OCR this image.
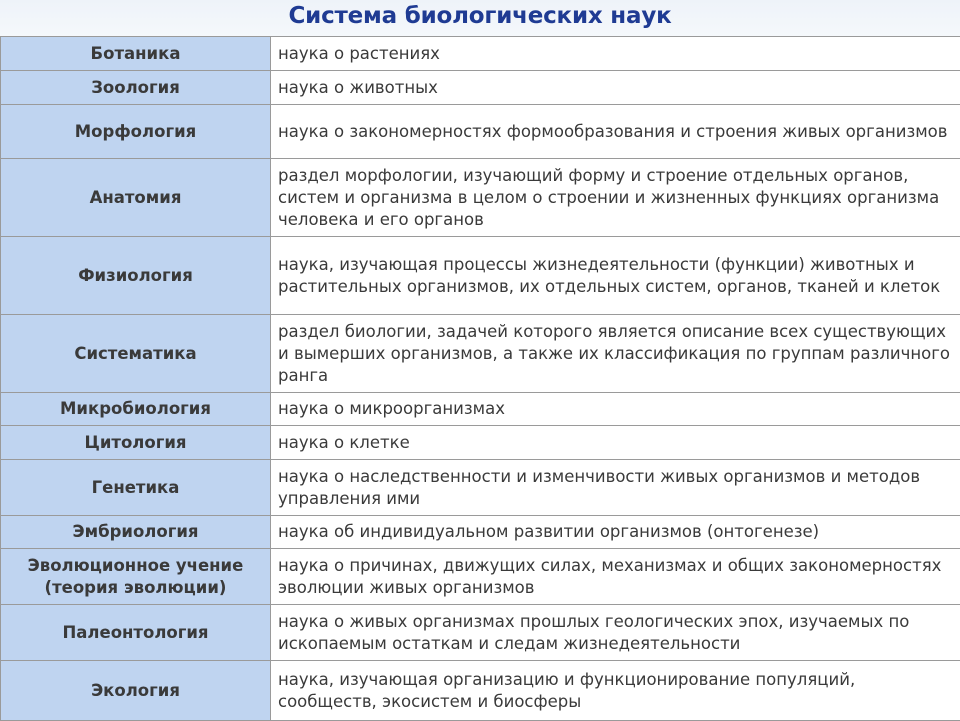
Система биологических наук
Ботаника	наука о растениях
Зоология	наука о животных
Морфология	наука о закономерностях формообразования и строения живых организмов
Анатомия	раздел морфологии, изучающий форму и строение отдельных органов, систем и организма в целом о строении и жизненных функциях организма человека и его органов
Физиология	наука, изучающая процессы жизнедеятельности (функции) животных и растительных организмов, их отдельных систем, органов, тканей и клеток
Систематика	раздел биологии, задачей которого является описание всех существующих и вымерших организмов, а также их классификация по группам различного ранга
Микробиология	наука о микроорганизмах
Цитология	наука о клетке
Генетика	наука о наследственности и изменчивости живых организмов и методов управления ими
Эмбриология	наука об индивидуальном развитии организмов (онтогенезе)
Эволюционное учение (теория эволюции)	наука о причинах, движущих силах, механизмах и общих закономерностях эволюции живых организмов
Палеонтология	наука о живых организмах прошлых геологических эпох, изучаемых по ископаемым остаткам и следам жизнедеятельности
Экология	наука, изучающая организацию и функционирование популяций, сообществ, экосистем и биосферы
